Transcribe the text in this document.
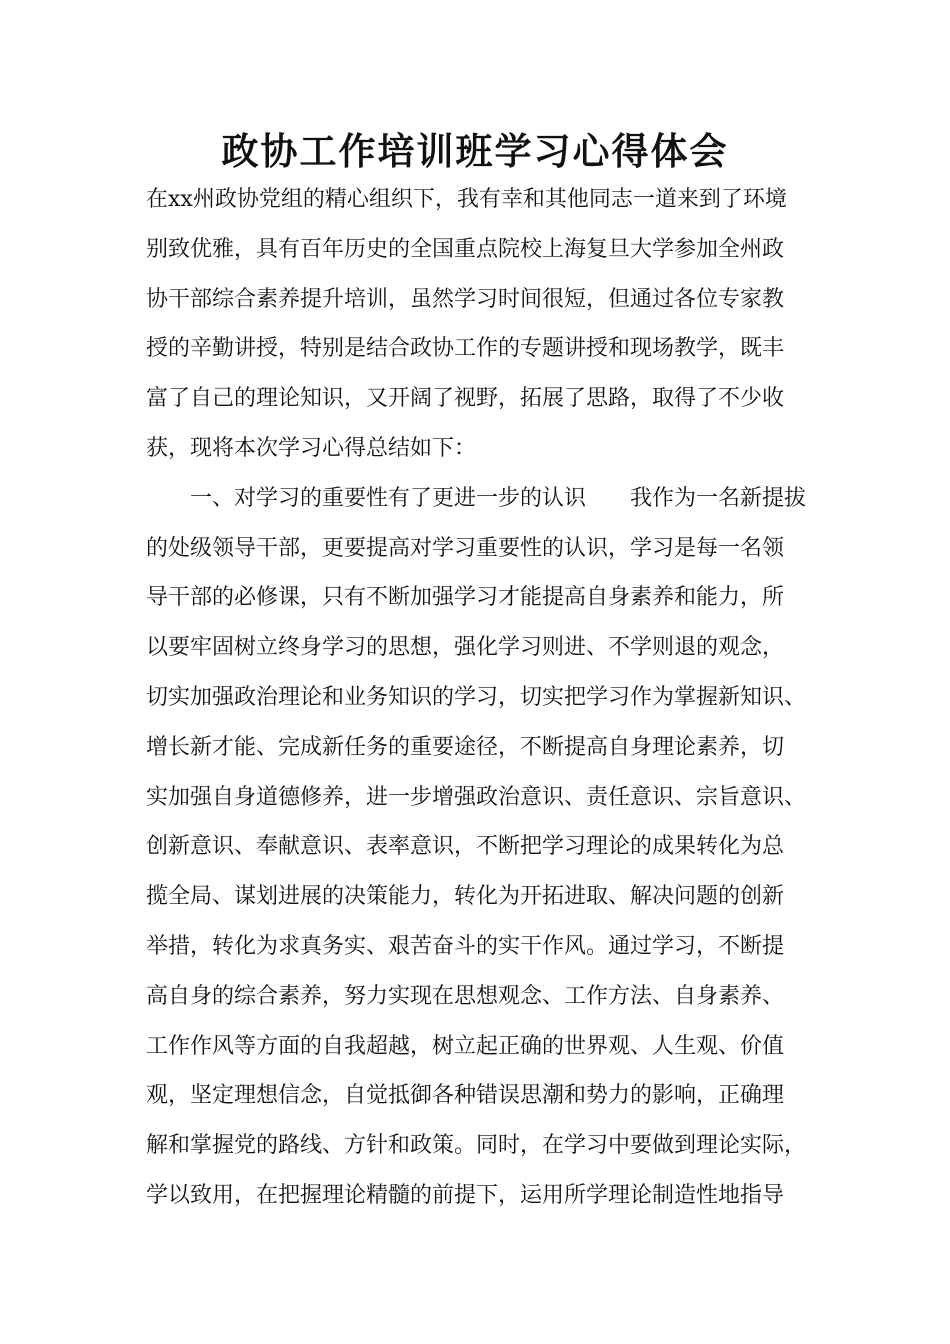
政协工作培训班学习心得体会
在xx州政协党组的精心组织下，我有幸和其他同志一道来到了环境
别致优雅，具有百年历史的全国重点院校上海复旦大学参加全州政
协干部综合素养提升培训，虽然学习时间很短，但通过各位专家教
授的辛勤讲授，特别是结合政协工作的专题讲授和现场教学，既丰
富了自己的理论知识，又开阔了视野，拓展了思路，取得了不少收
获，现将本次学习心得总结如下：
一、对学习的重要性有了更进一步的认识　　我作为一名新提拔
的处级领导干部，更要提高对学习重要性的认识，学习是每一名领
导干部的必修课，只有不断加强学习才能提高自身素养和能力，所
以要牢固树立终身学习的思想，强化学习则进、不学则退的观念，
切实加强政治理论和业务知识的学习，切实把学习作为掌握新知识、
增长新才能、完成新任务的重要途径，不断提高自身理论素养，切
实加强自身道德修养，进一步增强政治意识、责任意识、宗旨意识、
创新意识、奉献意识、表率意识，不断把学习理论的成果转化为总
揽全局、谋划进展的决策能力，转化为开拓进取、解决问题的创新
举措，转化为求真务实、艰苦奋斗的实干作风。通过学习，不断提
高自身的综合素养，努力实现在思想观念、工作方法、自身素养、
工作作风等方面的自我超越，树立起正确的世界观、人生观、价值
观，坚定理想信念，自觉抵御各种错误思潮和势力的影响，正确理
解和掌握党的路线、方针和政策。同时，在学习中要做到理论实际，
学以致用，在把握理论精髓的前提下，运用所学理论制造性地指导
